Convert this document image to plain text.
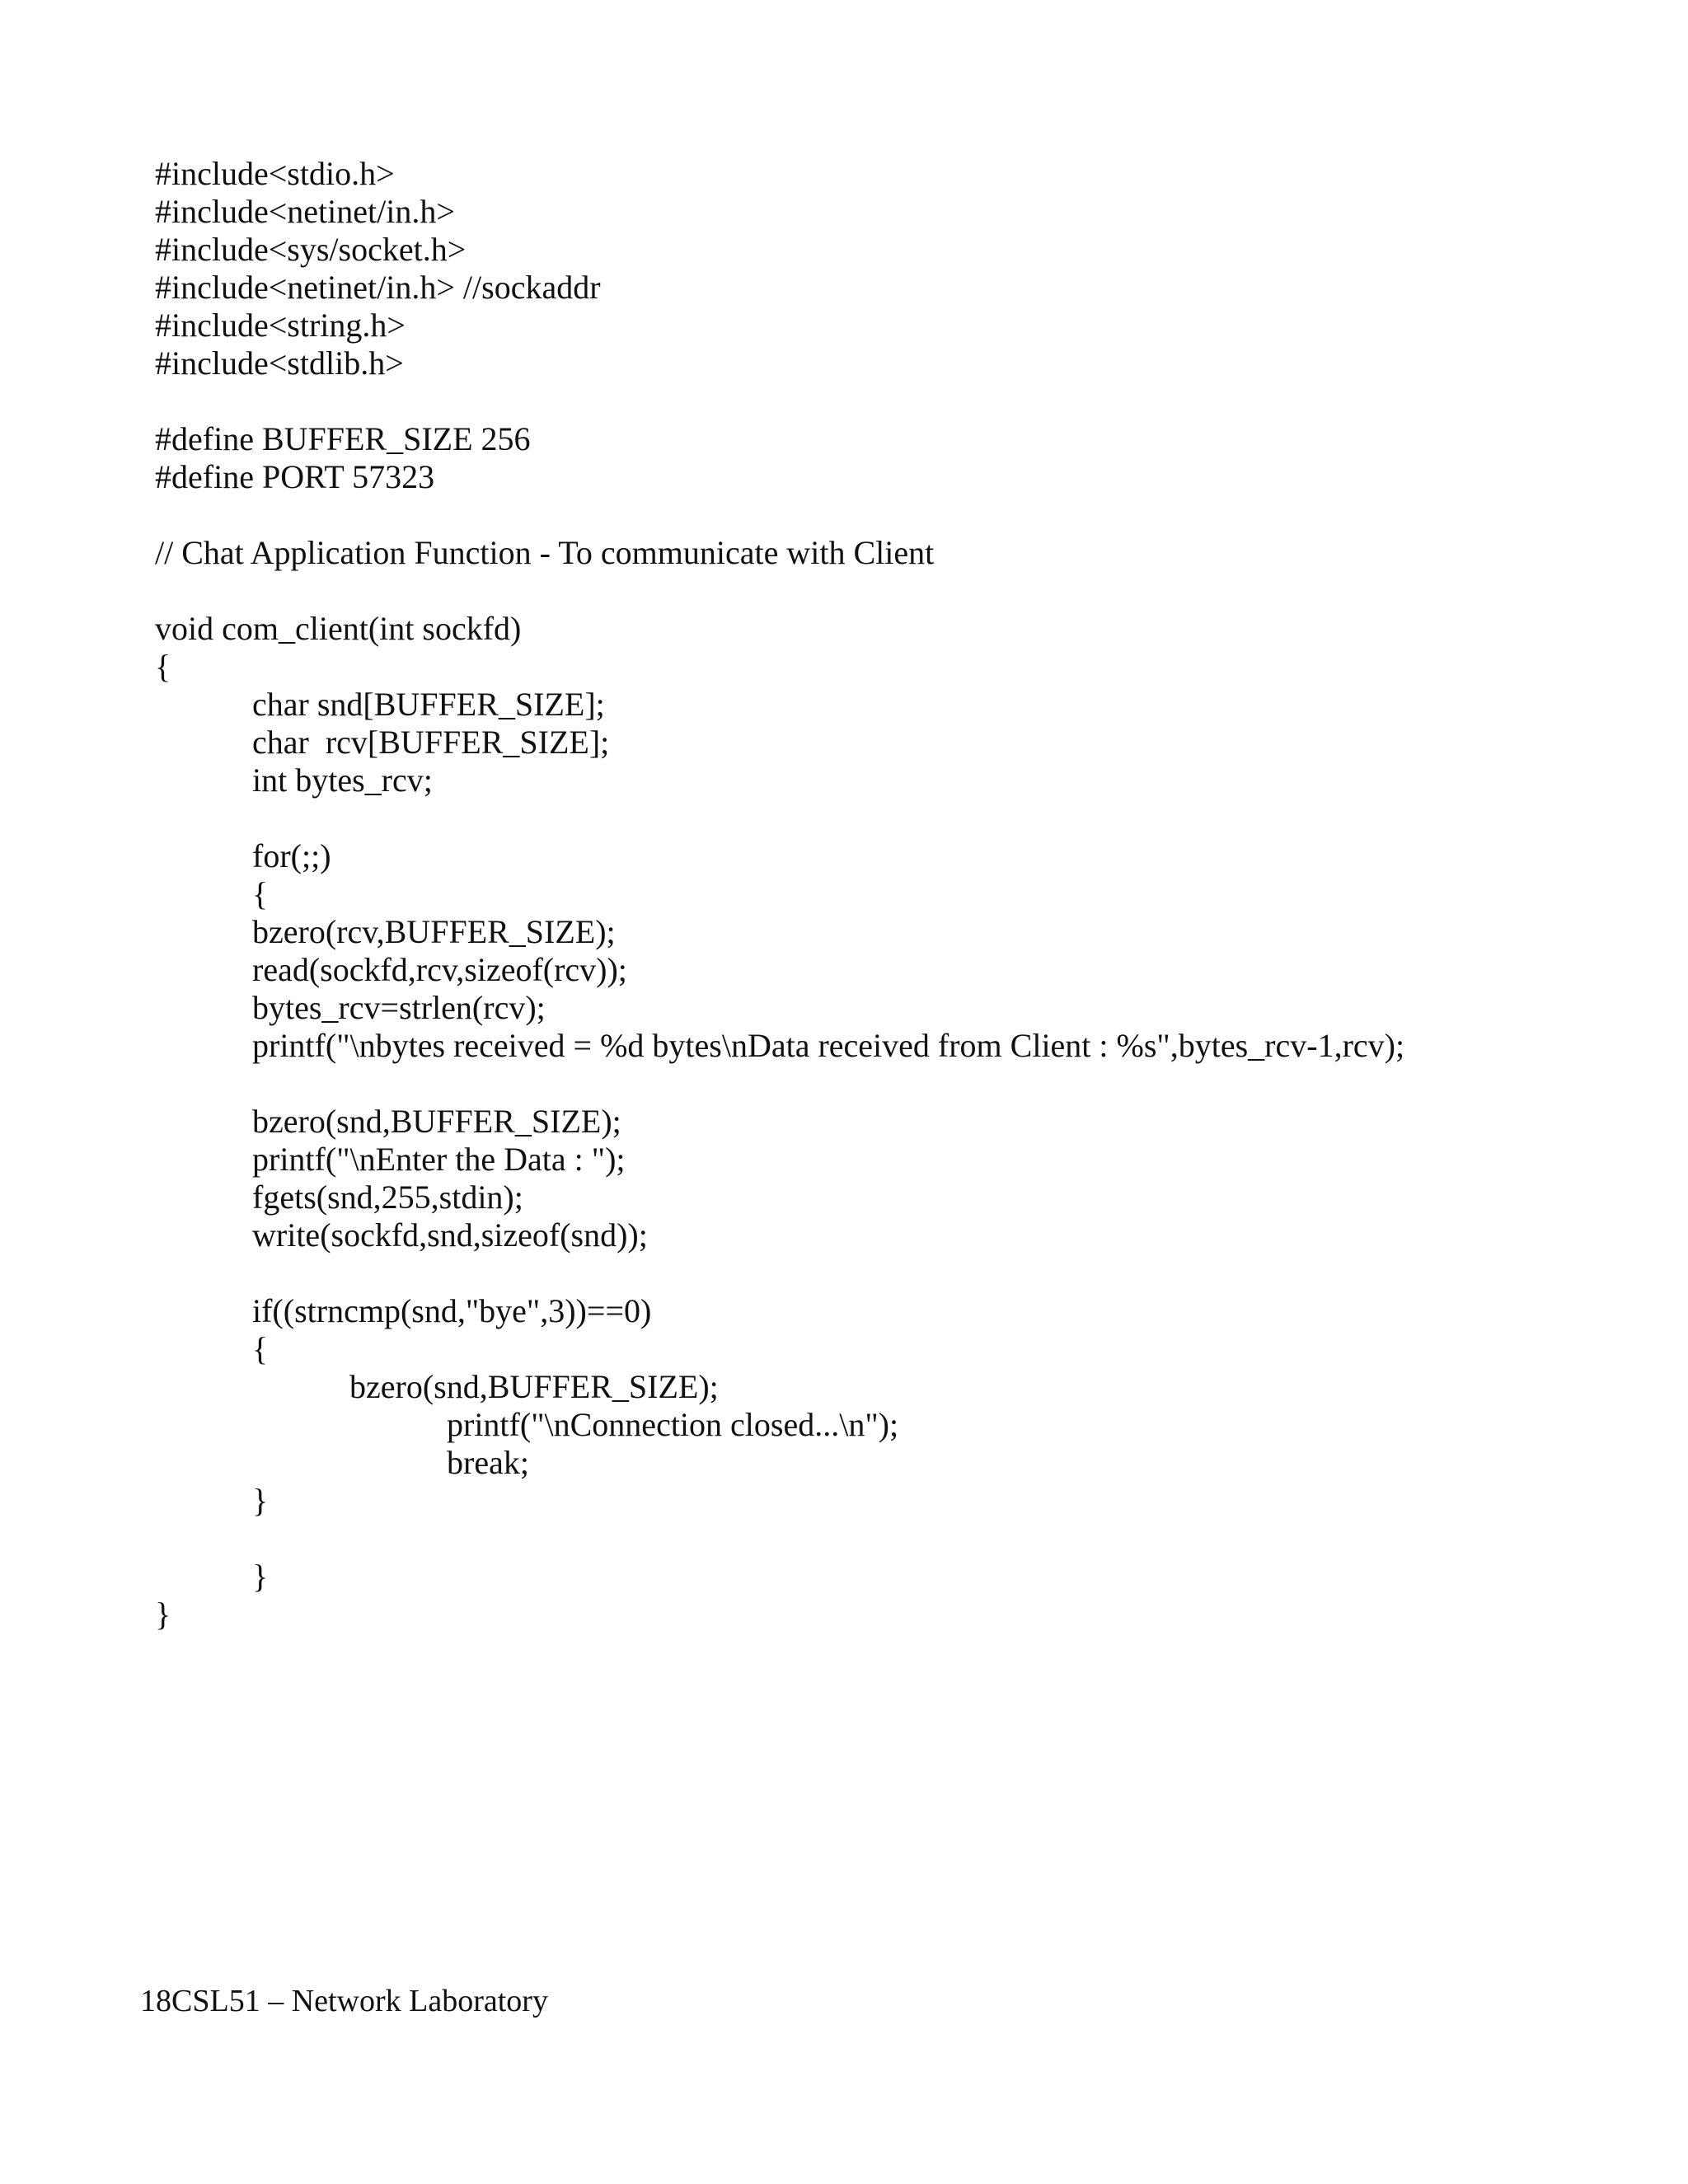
#include<stdio.h>

#include<netinet/in.h>

#include<sys/socket.h>

#include<netinet/in.h> //sockaddr

#include<string.h>

#include<stdlib.h>

#define BUFFER_SIZE 256

#define PORT 57323

// Chat Application Function - To communicate with Client

void com_client(int sockfd)

{

char snd[BUFFER_SIZE];

char  rcv[BUFFER_SIZE];

int bytes_rcv;

for(;;)

{

bzero(rcv,BUFFER_SIZE);

read(sockfd,rcv,sizeof(rcv));

bytes_rcv=strlen(rcv);

printf("\nbytes received = %d bytes\nData received from Client : %s",bytes_rcv-1,rcv);

bzero(snd,BUFFER_SIZE);

printf("\nEnter the Data : ");

fgets(snd,255,stdin);

write(sockfd,snd,sizeof(snd));

if((strncmp(snd,"bye",3))==0)

{

bzero(snd,BUFFER_SIZE);

printf("\nConnection closed...\n");

break;

}

}

}

18CSL51 – Network Laboratory
